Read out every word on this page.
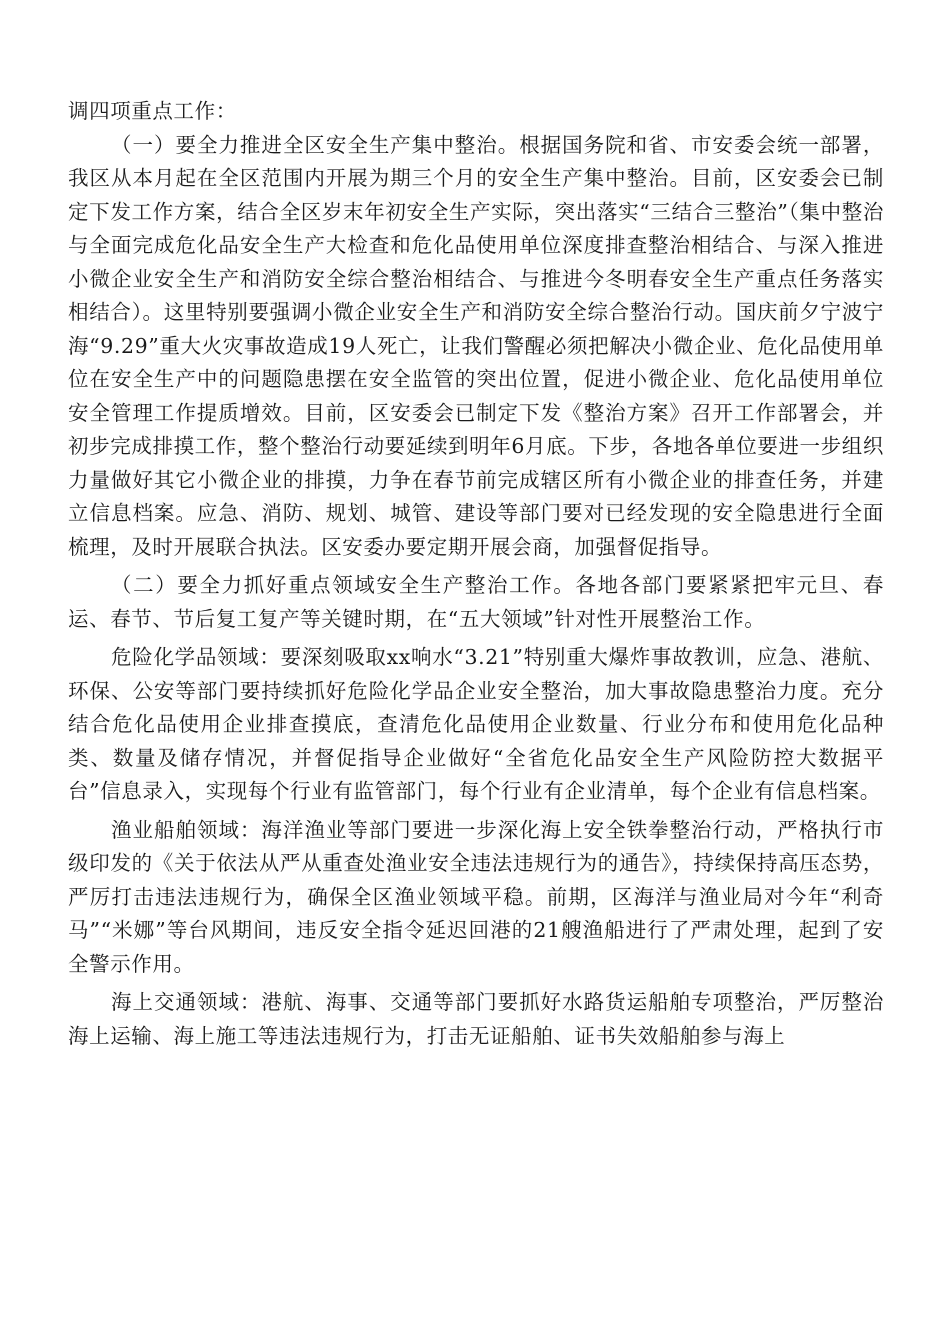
调四项重点工作：

（一）要全力推进全区安全生产集中整治。根据国务院和省、市安委会统一部署，我区从本月起在全区范围内开展为期三个月的安全生产集中整治。目前，区安委会已制定下发工作方案，结合全区岁末年初安全生产实际，突出落实“三结合三整治”（集中整治与全面完成危化品安全生产大检查和危化品使用单位深度排查整治相结合、与深入推进小微企业安全生产和消防安全综合整治相结合、与推进今冬明春安全生产重点任务落实相结合）。这里特别要强调小微企业安全生产和消防安全综合整治行动。国庆前夕宁波宁海“9.29”重大火灾事故造成19人死亡，让我们警醒必须把解决小微企业、危化品使用单位在安全生产中的问题隐患摆在安全监管的突出位置，促进小微企业、危化品使用单位安全管理工作提质增效。目前，区安委会已制定下发《整治方案》召开工作部署会，并初步完成排摸工作，整个整治行动要延续到明年6月底。下步，各地各单位要进一步组织力量做好其它小微企业的排摸，力争在春节前完成辖区所有小微企业的排查任务，并建立信息档案。应急、消防、规划、城管、建设等部门要对已经发现的安全隐患进行全面梳理，及时开展联合执法。区安委办要定期开展会商，加强督促指导。

（二）要全力抓好重点领域安全生产整治工作。各地各部门要紧紧把牢元旦、春运、春节、节后复工复产等关键时期，在“五大领域”针对性开展整治工作。

危险化学品领域：要深刻吸取xx响水“3.21”特别重大爆炸事故教训，应急、港航、环保、公安等部门要持续抓好危险化学品企业安全整治，加大事故隐患整治力度。充分结合危化品使用企业排查摸底，查清危化品使用企业数量、行业分布和使用危化品种类、数量及储存情况，并督促指导企业做好“全省危化品安全生产风险防控大数据平台”信息录入，实现每个行业有监管部门，每个行业有企业清单，每个企业有信息档案。

渔业船舶领域：海洋渔业等部门要进一步深化海上安全铁拳整治行动，严格执行市级印发的《关于依法从严从重查处渔业安全违法违规行为的通告》，持续保持高压态势，严厉打击违法违规行为，确保全区渔业领域平稳。前期，区海洋与渔业局对今年“利奇马”“米娜”等台风期间，违反安全指令延迟回港的21艘渔船进行了严肃处理，起到了安全警示作用。

海上交通领域：港航、海事、交通等部门要抓好水路货运船舶专项整治，严厉整治海上运输、海上施工等违法违规行为，打击无证船舶、证书失效船舶参与海上
